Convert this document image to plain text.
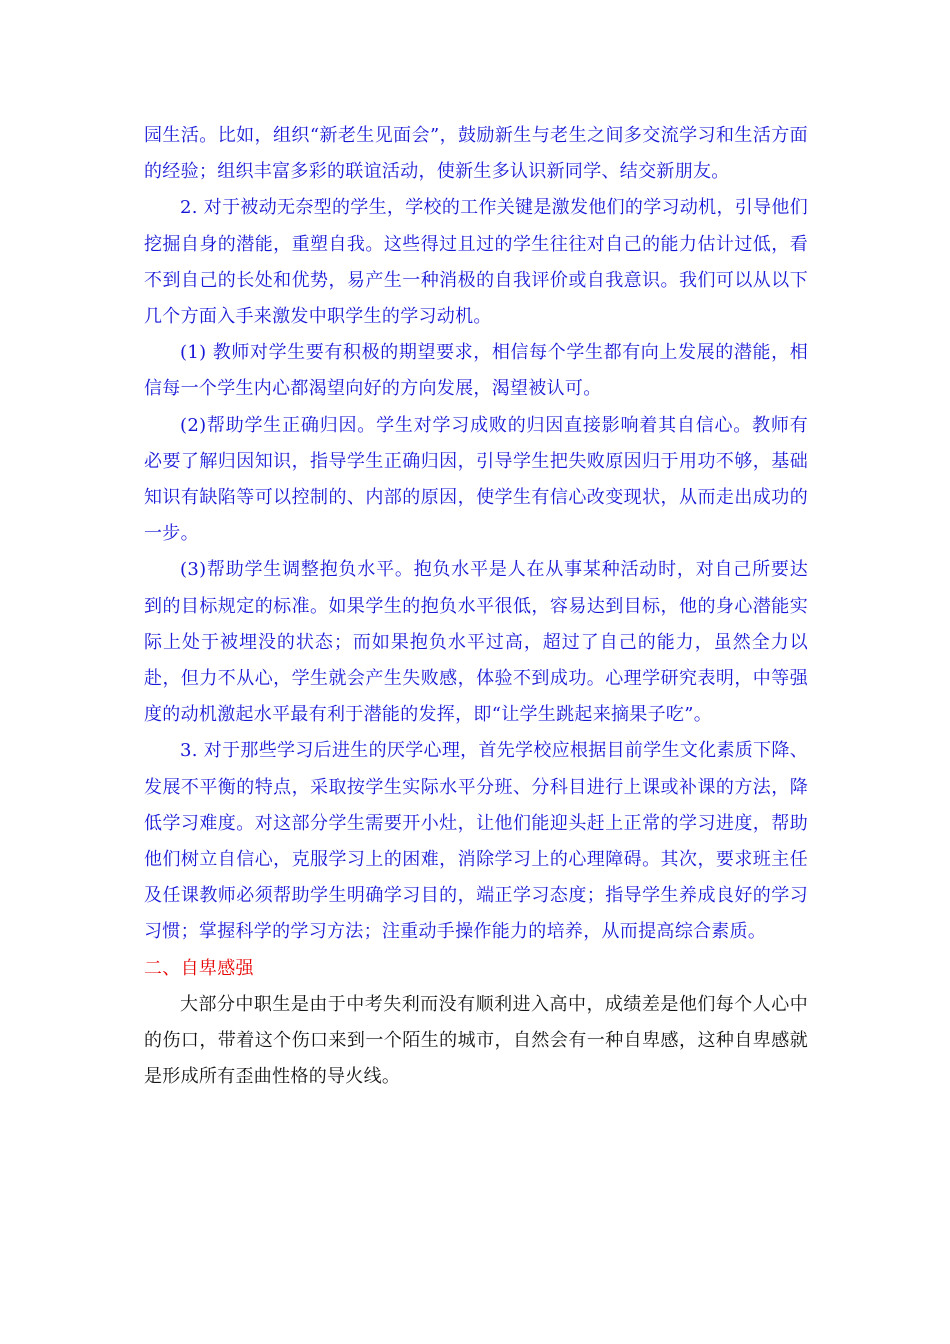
园生活。比如，组织“新老生见面会”，鼓励新生与老生之间多交流学习和生活方面的经验；组织丰富多彩的联谊活动，使新生多认识新同学、结交新朋友。

2. 对于被动无奈型的学生，学校的工作关键是激发他们的学习动机，引导他们挖掘自身的潜能，重塑自我。这些得过且过的学生往往对自己的能力估计过低，看不到自己的长处和优势，易产生一种消极的自我评价或自我意识。我们可以从以下几个方面入手来激发中职学生的学习动机。

(1) 教师对学生要有积极的期望要求，相信每个学生都有向上发展的潜能，相信每一个学生内心都渴望向好的方向发展，渴望被认可。

(2)帮助学生正确归因。学生对学习成败的归因直接影响着其自信心。教师有必要了解归因知识，指导学生正确归因，引导学生把失败原因归于用功不够，基础知识有缺陷等可以控制的、内部的原因，使学生有信心改变现状，从而走出成功的一步。

(3)帮助学生调整抱负水平。抱负水平是人在从事某种活动时，对自己所要达到的目标规定的标准。如果学生的抱负水平很低，容易达到目标，他的身心潜能实际上处于被埋没的状态；而如果抱负水平过高，超过了自己的能力，虽然全力以赴，但力不从心，学生就会产生失败感，体验不到成功。心理学研究表明，中等强度的动机激起水平最有利于潜能的发挥，即“让学生跳起来摘果子吃”。

3. 对于那些学习后进生的厌学心理，首先学校应根据目前学生文化素质下降、发展不平衡的特点，采取按学生实际水平分班、分科目进行上课或补课的方法，降低学习难度。对这部分学生需要开小灶，让他们能迎头赶上正常的学习进度，帮助他们树立自信心，克服学习上的困难，消除学习上的心理障碍。其次，要求班主任及任课教师必须帮助学生明确学习目的，端正学习态度；指导学生养成良好的学习习惯；掌握科学的学习方法；注重动手操作能力的培养，从而提高综合素质。

二、自卑感强

大部分中职生是由于中考失利而没有顺利进入高中，成绩差是他们每个人心中的伤口，带着这个伤口来到一个陌生的城市，自然会有一种自卑感，这种自卑感就是形成所有歪曲性格的导火线。
